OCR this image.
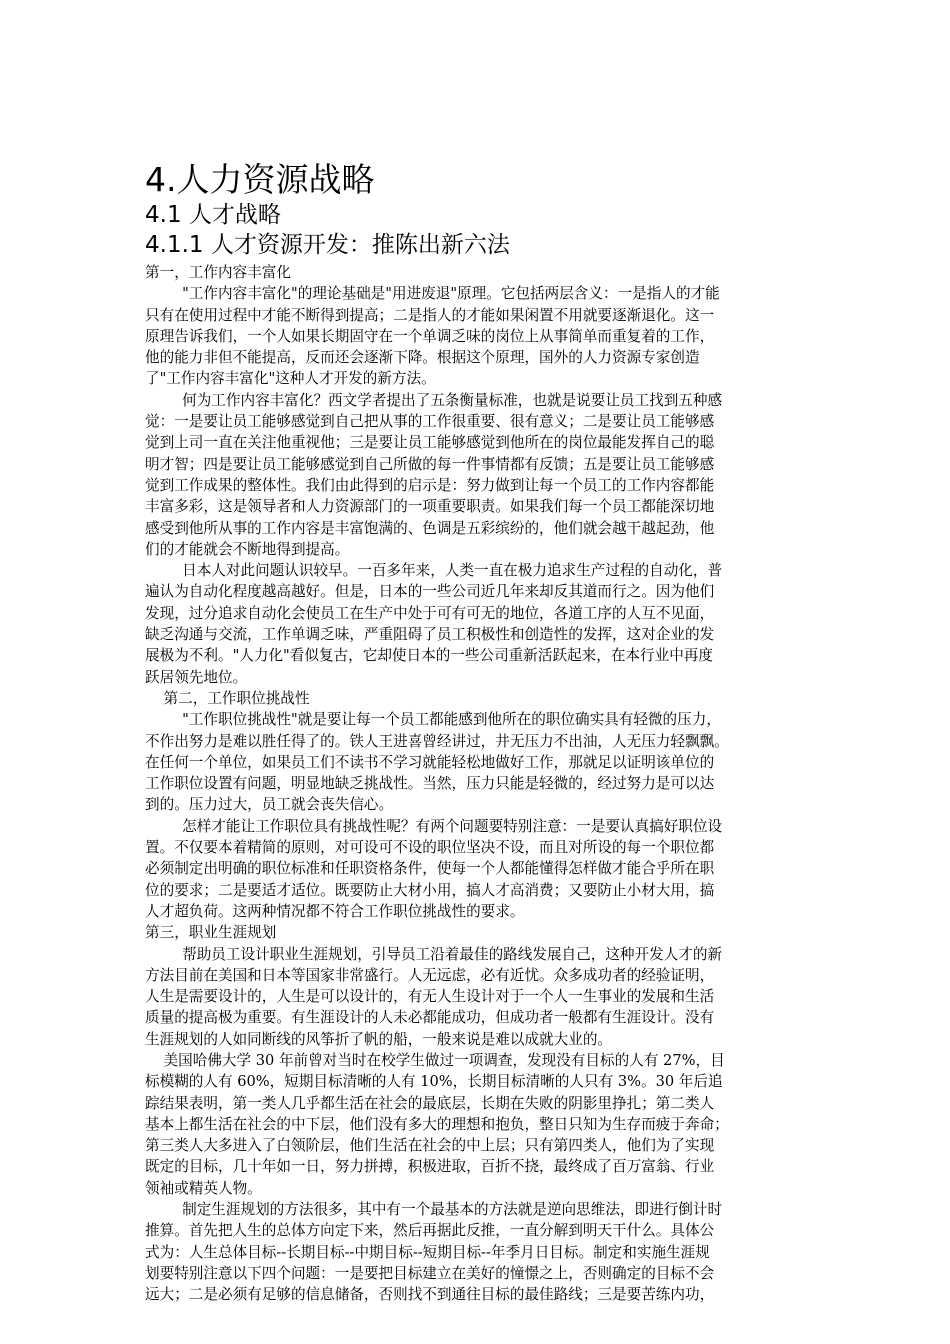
4.人力资源战略
4.1 人才战略
4.1.1 人才资源开发：推陈出新六法
第一，工作内容丰富化
"工作内容丰富化"的理论基础是"用进废退"原理。它包括两层含义：一是指人的才能
只有在使用过程中才能不断得到提高；二是指人的才能如果闲置不用就要逐渐退化。这一
原理告诉我们，一个人如果长期固守在一个单调乏味的岗位上从事简单而重复着的工作，
他的能力非但不能提高，反而还会逐渐下降。根据这个原理，国外的人力资源专家创造
了"工作内容丰富化"这种人才开发的新方法。
何为工作内容丰富化？西文学者提出了五条衡量标准，也就是说要让员工找到五种感
觉：一是要让员工能够感觉到自己把从事的工作很重要、很有意义；二是要让员工能够感
觉到上司一直在关注他重视他；三是要让员工能够感觉到他所在的岗位最能发挥自己的聪
明才智；四是要让员工能够感觉到自己所做的每一件事情都有反馈；五是要让员工能够感
觉到工作成果的整体性。我们由此得到的启示是：努力做到让每一个员工的工作内容都能
丰富多彩，这是领导者和人力资源部门的一项重要职责。如果我们每一个员工都能深切地
感受到他所从事的工作内容是丰富饱满的、色调是五彩缤纷的，他们就会越干越起劲，他
们的才能就会不断地得到提高。
日本人对此问题认识较早。一百多年来，人类一直在极力追求生产过程的自动化，普
遍认为自动化程度越高越好。但是，日本的一些公司近几年来却反其道而行之。因为他们
发现，过分追求自动化会使员工在生产中处于可有可无的地位，各道工序的人互不见面，
缺乏沟通与交流，工作单调乏味，严重阻碍了员工积极性和创造性的发挥，这对企业的发
展极为不利。"人力化"看似复古，它却使日本的一些公司重新活跃起来，在本行业中再度
跃居领先地位。
第二，工作职位挑战性
"工作职位挑战性"就是要让每一个员工都能感到他所在的职位确实具有轻微的压力，
不作出努力是难以胜任得了的。铁人王进喜曾经讲过，井无压力不出油，人无压力轻飘飘。
在任何一个单位，如果员工们不读书不学习就能轻松地做好工作，那就足以证明该单位的
工作职位设置有问题，明显地缺乏挑战性。当然，压力只能是轻微的，经过努力是可以达
到的。压力过大，员工就会丧失信心。
怎样才能让工作职位具有挑战性呢？有两个问题要特别注意：一是要认真搞好职位设
置。不仅要本着精简的原则，对可设可不设的职位坚决不设，而且对所设的每一个职位都
必须制定出明确的职位标准和任职资格条件，使每一个人都能懂得怎样做才能合乎所在职
位的要求；二是要适才适位。既要防止大材小用，搞人才高消费；又要防止小材大用，搞
人才超负荷。这两种情况都不符合工作职位挑战性的要求。
第三，职业生涯规划
帮助员工设计职业生涯规划，引导员工沿着最佳的路线发展自己，这种开发人才的新
方法目前在美国和日本等国家非常盛行。人无远虑，必有近忧。众多成功者的经验证明，
人生是需要设计的，人生是可以设计的，有无人生设计对于一个人一生事业的发展和生活
质量的提高极为重要。有生涯设计的人未必都能成功，但成功者一般都有生涯设计。没有
生涯规划的人如同断线的风筝折了帆的船，一般来说是难以成就大业的。
美国哈佛大学 30 年前曾对当时在校学生做过一项调查，发现没有目标的人有 27%，目
标模糊的人有 60%，短期目标清晰的人有 10%，长期目标清晰的人只有 3%。30 年后追
踪结果表明，第一类人几乎都生活在社会的最底层，长期在失败的阴影里挣扎；第二类人
基本上都生活在社会的中下层，他们没有多大的理想和抱负，整日只知为生存而疲于奔命；
第三类人大多进入了白领阶层，他们生活在社会的中上层；只有第四类人，他们为了实现
既定的目标，几十年如一日，努力拼搏，积极进取，百折不挠，最终成了百万富翁、行业
领袖或精英人物。
制定生涯规划的方法很多，其中有一个最基本的方法就是逆向思维法，即进行倒计时
推算。首先把人生的总体方向定下来，然后再据此反推，一直分解到明天干什么。具体公
式为：人生总体目标--长期目标--中期目标--短期目标--年季月日目标。制定和实施生涯规
划要特别注意以下四个问题：一是要把目标建立在美好的憧憬之上，否则确定的目标不会
远大；二是必须有足够的信息储备，否则找不到通往目标的最佳路线；三是要苦练内功，
